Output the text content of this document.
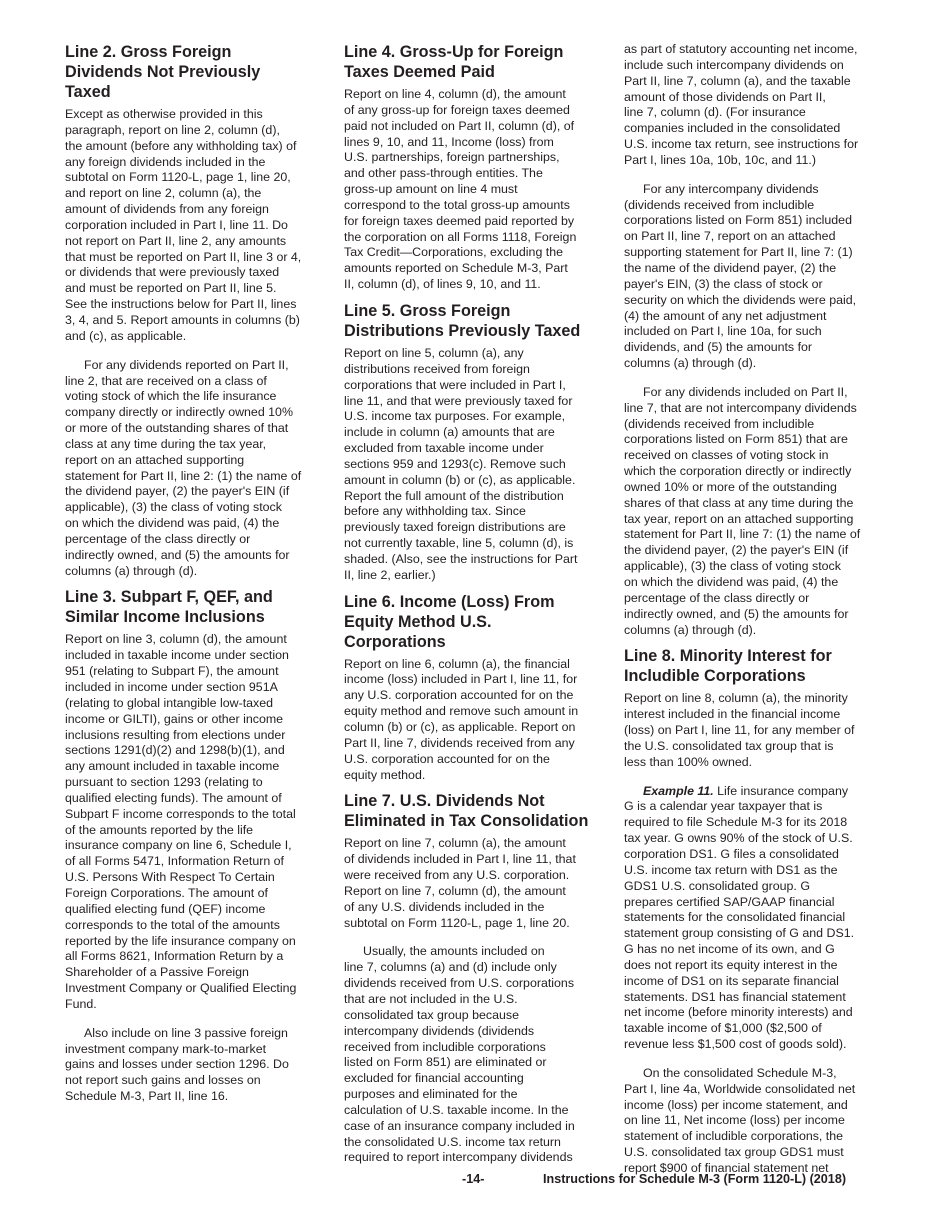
Line 2. Gross Foreign
Dividends Not Previously
Taxed

Except as otherwise provided in this
paragraph, report on line 2, column (d),
the amount (before any withholding tax) of
any foreign dividends included in the
subtotal on Form 1120-L, page 1, line 20,
and report on line 2, column (a), the
amount of dividends from any foreign
corporation included in Part I, line 11. Do
not report on Part II, line 2, any amounts
that must be reported on Part II, line 3 or 4,
or dividends that were previously taxed
and must be reported on Part II, line 5.
See the instructions below for Part II, lines
3, 4, and 5. Report amounts in columns (b)
and (c), as applicable.

For any dividends reported on Part II,
line 2, that are received on a class of
voting stock of which the life insurance
company directly or indirectly owned 10%
or more of the outstanding shares of that
class at any time during the tax year,
report on an attached supporting
statement for Part II, line 2: (1) the name of
the dividend payer, (2) the payer's EIN (if
applicable), (3) the class of voting stock
on which the dividend was paid, (4) the
percentage of the class directly or
indirectly owned, and (5) the amounts for
columns (a) through (d).

Line 3. Subpart F, QEF, and
Similar Income Inclusions

Report on line 3, column (d), the amount
included in taxable income under section
951 (relating to Subpart F), the amount
included in income under section 951A
(relating to global intangible low-taxed
income or GILTI), gains or other income
inclusions resulting from elections under
sections 1291(d)(2) and 1298(b)(1), and
any amount included in taxable income
pursuant to section 1293 (relating to
qualified electing funds). The amount of
Subpart F income corresponds to the total
of the amounts reported by the life
insurance company on line 6, Schedule I,
of all Forms 5471, Information Return of
U.S. Persons With Respect To Certain
Foreign Corporations. The amount of
qualified electing fund (QEF) income
corresponds to the total of the amounts
reported by the life insurance company on
all Forms 8621, Information Return by a
Shareholder of a Passive Foreign
Investment Company or Qualified Electing
Fund.

Also include on line 3 passive foreign
investment company mark-to-market
gains and losses under section 1296. Do
not report such gains and losses on
Schedule M-3, Part II, line 16.

Line 4. Gross-Up for Foreign
Taxes Deemed Paid

Report on line 4, column (d), the amount
of any gross-up for foreign taxes deemed
paid not included on Part II, column (d), of
lines 9, 10, and 11, Income (loss) from
U.S. partnerships, foreign partnerships,
and other pass-through entities. The
gross-up amount on line 4 must
correspond to the total gross-up amounts
for foreign taxes deemed paid reported by
the corporation on all Forms 1118, Foreign
Tax Credit—Corporations, excluding the
amounts reported on Schedule M-3, Part
II, column (d), of lines 9, 10, and 11.

Line 5. Gross Foreign
Distributions Previously Taxed

Report on line 5, column (a), any
distributions received from foreign
corporations that were included in Part I,
line 11, and that were previously taxed for
U.S. income tax purposes. For example,
include in column (a) amounts that are
excluded from taxable income under
sections 959 and 1293(c). Remove such
amount in column (b) or (c), as applicable.
Report the full amount of the distribution
before any withholding tax. Since
previously taxed foreign distributions are
not currently taxable, line 5, column (d), is
shaded. (Also, see the instructions for Part
II, line 2, earlier.)

Line 6. Income (Loss) From
Equity Method U.S.
Corporations

Report on line 6, column (a), the financial
income (loss) included in Part I, line 11, for
any U.S. corporation accounted for on the
equity method and remove such amount in
column (b) or (c), as applicable. Report on
Part II, line 7, dividends received from any
U.S. corporation accounted for on the
equity method.

Line 7. U.S. Dividends Not
Eliminated in Tax Consolidation

Report on line 7, column (a), the amount
of dividends included in Part I, line 11, that
were received from any U.S. corporation.
Report on line 7, column (d), the amount
of any U.S. dividends included in the
subtotal on Form 1120-L, page 1, line 20.

Usually, the amounts included on
line 7, columns (a) and (d) include only
dividends received from U.S. corporations
that are not included in the U.S.
consolidated tax group because
intercompany dividends (dividends
received from includible corporations
listed on Form 851) are eliminated or
excluded for financial accounting
purposes and eliminated for the
calculation of U.S. taxable income. In the
case of an insurance company included in
the consolidated U.S. income tax return
required to report intercompany dividends

as part of statutory accounting net income,
include such intercompany dividends on
Part II, line 7, column (a), and the taxable
amount of those dividends on Part II,
line 7, column (d). (For insurance
companies included in the consolidated
U.S. income tax return, see instructions for
Part I, lines 10a, 10b, 10c, and 11.)

For any intercompany dividends
(dividends received from includible
corporations listed on Form 851) included
on Part II, line 7, report on an attached
supporting statement for Part II, line 7: (1)
the name of the dividend payer, (2) the
payer's EIN, (3) the class of stock or
security on which the dividends were paid,
(4) the amount of any net adjustment
included on Part I, line 10a, for such
dividends, and (5) the amounts for
columns (a) through (d).

For any dividends included on Part II,
line 7, that are not intercompany dividends
(dividends received from includible
corporations listed on Form 851) that are
received on classes of voting stock in
which the corporation directly or indirectly
owned 10% or more of the outstanding
shares of that class at any time during the
tax year, report on an attached supporting
statement for Part II, line 7: (1) the name of
the dividend payer, (2) the payer's EIN (if
applicable), (3) the class of voting stock
on which the dividend was paid, (4) the
percentage of the class directly or
indirectly owned, and (5) the amounts for
columns (a) through (d).

Line 8. Minority Interest for
Includible Corporations

Report on line 8, column (a), the minority
interest included in the financial income
(loss) on Part I, line 11, for any member of
the U.S. consolidated tax group that is
less than 100% owned.

Example 11. Life insurance company
G is a calendar year taxpayer that is
required to file Schedule M-3 for its 2018
tax year. G owns 90% of the stock of U.S.
corporation DS1. G files a consolidated
U.S. income tax return with DS1 as the
GDS1 U.S. consolidated group. G
prepares certified SAP/GAAP financial
statements for the consolidated financial
statement group consisting of G and DS1.
G has no net income of its own, and G
does not report its equity interest in the
income of DS1 on its separate financial
statements. DS1 has financial statement
net income (before minority interests) and
taxable income of $1,000 ($2,500 of
revenue less $1,500 cost of goods sold).

On the consolidated Schedule M-3,
Part I, line 4a, Worldwide consolidated net
income (loss) per income statement, and
on line 11, Net income (loss) per income
statement of includible corporations, the
U.S. consolidated tax group GDS1 must
report $900 of financial statement net

-14-	Instructions for Schedule M-3 (Form 1120-L) (2018)
